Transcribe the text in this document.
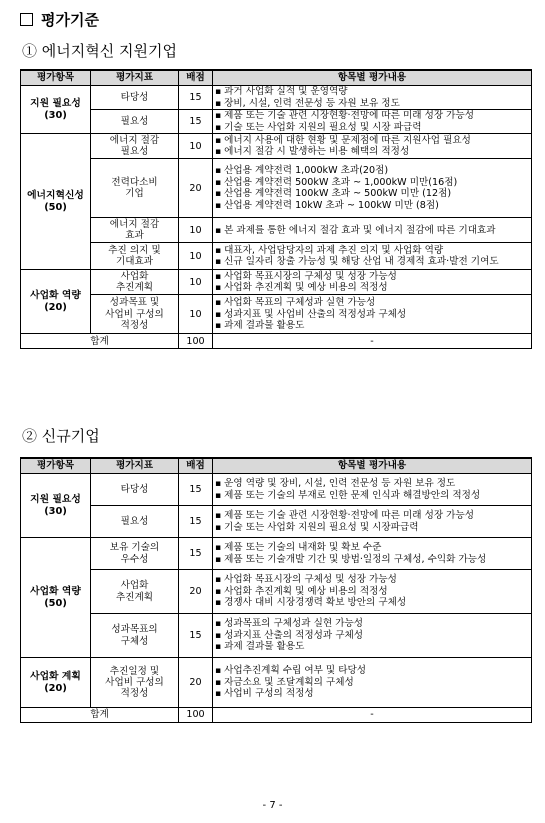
평가기준
① 에너지혁신 지원기업
평가항목	평가지표	배점	항목별 평가내용
지원 필요성
(30)	타당성	15	▪ 과거 사업화 실적 및 운영역량
▪ 장비, 시설, 인력 전문성 등 자원 보유 정도

	필요성	15	▪ 제품 또는 기술 관련 시장현황·전망에 따른 미래 성장 가능성
▪ 기술 또는 사업화 지원의 필요성 및 시장 파급력

에너지혁신성
(50)	에너지 절감
필요성	10	▪ 에너지 사용에 대한 현황 및 문제점에 따른 지원사업 필요성
▪ 에너지 절감 시 발생하는 비용 혜택의 적정성

	전력다소비
기업	20	▪ 산업용 계약전력 1,000kW 초과(20점)
▪ 산업용 계약전력 500kW 초과 ~ 1,000kW 미만(16점)
▪ 산업용 계약전력 100kW 초과 ~ 500kW 미만 (12점)
▪ 산업용 계약전력 10kW 초과 ~ 100kW 미만 (8점)

	에너지 절감
효과	10	▪ 본 과제를 통한 에너지 절감 효과 및 에너지 절감에 따른 기대효과

	추진 의지 및
기대효과	10	▪ 대표자, 사업담당자의 과제 추진 의지 및 사업화 역량
▪ 신규 일자리 창출 가능성 및 해당 산업 내 경제적 효과·발전 기여도

사업화 역량
(20)	사업화
추진계획	10	▪ 사업화 목표시장의 구체성 및 성장 가능성
▪ 사업화 추진계획 및 예상 비용의 적정성

	성과목표 및
사업비 구성의
적정성	10	▪ 사업화 목표의 구체성과 실현 가능성
▪ 성과지표 및 사업비 산출의 적정성과 구체성
▪ 과제 결과물 활용도

합계		100	-
② 신규기업
평가항목	평가지표	배점	항목별 평가내용
지원 필요성
(30)	타당성	15	▪ 운영 역량 및 장비, 시설, 인력 전문성 등 자원 보유 정도
▪ 제품 또는 기술의 부재로 인한 문제 인식과 해결방안의 적정성

	필요성	15	▪ 제품 또는 기술 관련 시장현황·전망에 따른 미래 성장 가능성
▪ 기술 또는 사업화 지원의 필요성 및 시장파급력

사업화 역량
(50)	보유 기술의
우수성	15	▪ 제품 또는 기술의 내재화 및 확보 수준
▪ 제품 또는 기술개발 기간 및 방법·일정의 구체성, 수익화 가능성

	사업화
추진계획	20	▪ 사업화 목표시장의 구체성 및 성장 가능성
▪ 사업화 추진계획 및 예상 비용의 적정성
▪ 경쟁사 대비 시장경쟁력 확보 방안의 구체성

	성과목표의
구체성	15	▪ 성과목표의 구체성과 실현 가능성
▪ 성과지표 산출의 적정성과 구체성
▪ 과제 결과물 활용도

사업화 계획
(20)	추진일정 및
사업비 구성의
적정성	20	▪ 사업추진계획 수립 여부 및 타당성
▪ 자금소요 및 조달계획의 구체성
▪ 사업비 구성의 적정성

합계		100	-
- 7 -
